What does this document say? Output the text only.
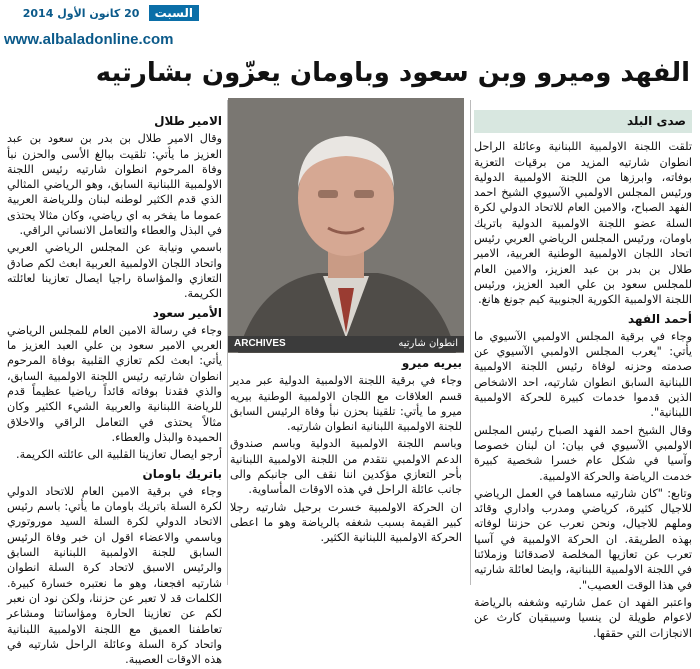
السبت 20 كانون الأول 2014
www.albaladonline.com
الفهد وميرو وبن سعود وباومان يعزّون بشارتيه
صدى البلد

تلقت اللجنة الاولمبية اللبنانية وعائلة الراحل انطوان شارتيه المزيد من برقيات التعزية بوفاته، وابرزها من اللجنة الاولمبية الدولية ورئيس المجلس الاولمبي الآسيوي الشيخ احمد الفهد الصباح، والامين العام للاتحاد الدولي لكرة السلة عضو اللجنة الاولمبية الدولية باتريك باومان، ورئيس المجلس الرياضي العربي رئيس اتحاد اللجان الاولمبية الوطنية العربية، الامير طلال بن بدر بن عبد العزيز، والامين العام للمجلس سعود بن علي العبد العزيز، ورئيس اللجنة الاولمبية الكورية الجنوبية كيم جونغ هانغ.

أحمد الفهد

وجاء في برقية المجلس الاولمبي الآسيوي ما يأتي: "يعرب المجلس الاولمبي الآسيوي عن صدمته وحزنه لوفاة رئيس اللجنة الاولمبية اللبنانية السابق انطوان شارتيه، احد الاشخاص الذين قدموا خدمات كبيرة للحركة الاولمبية اللبنانية".

وقال الشيخ احمد الفهد الصباح رئيس المجلس الاولمبي الآسيوي في بيان: ان لبنان خصوصا وآسيا في شكل عام خسرا شخصية كبيرة خدمت الرياضة والحركة الاولمبية.

وتابع: "كان شارتيه مساهما في العمل الرياضي للاجيال كثيرة، كرياضي ومدرب واداري وقائد وملهم للاجيال، ونحن نعرب عن حزننا لوفاته بهذه الطريقة. ان الحركة الاولمبية في آسيا تعرب عن تعازيها المخلصة لاصدقائنا وزملائنا في اللجنة الاولمبية اللبنانية، وايضا لعائلة شارتيه في هذا الوقت العصيب".

واعتبر الفهد ان عمل شارتيه وشغفه بالرياضة لاعوام طويلة لن ينسيا وسيبقيان كارث عن الانجازات التي حققها.

انطوان شارتيه
ARCHIVES
بيريه ميرو

وجاء في برقية اللجنة الاولمبية الدولية عبر مدير قسم العلاقات مع اللجان الاولمبية الوطنية بيريه ميرو ما يأتي: تلقينا بحزن نبأ وفاة الرئيس السابق للجنة الاولمبية اللبنانية انطوان شارتيه.

وباسم اللجنة الاولمبية الدولية وباسم صندوق الدعم الاولمبي نتقدم من اللجنة الاولمبية اللبنانية بأحر التعازي مؤكدين اننا نقف الى جانبكم والى جانب عائلة الراحل في هذه الاوقات المأساوية.

ان الحركة الاولمبية خسرت برحيل شارتيه رجلا كبير القيمة بسبب شغفه بالرياضة وهو ما اعطى الحركة الاولمبية اللبنانية الكثير.

الامير طلال

وقال الامير طلال بن بدر بن سعود بن عبد العزيز ما يأتي: تلقيت ببالغ الأسى والحزن نبأ وفاة المرحوم انطوان شارتيه رئيس اللجنة الاولمبية اللبنانية السابق، وهو الرياضي المثالي الذي قدم الكثير لوطنه لبنان وللرياضة العربية عموما ما يفخر به اي رياضي، وكان مثالا يحتذى في البذل والعطاء والتعامل الانساني الراقي.

باسمي ونيابة عن المجلس الرياضي العربي واتحاد اللجان الاولمبية العربية ابعث لكم صادق التعازي والمؤاساة راجيا ايصال تعازينا لعائلته الكريمة.

الأمير سعود

وجاء في رسالة الامين العام للمجلس الرياضي العربي الامير سعود بن علي العبد العزيز ما يأتي: ابعث لكم تعازي القلبية بوفاة المرحوم انطوان شارتيه رئيس اللجنة الاولمبية السابق، والذي فقدنا بوفاته قائداً رياضيا عظيماً قدم للرياضة اللبنانية والعربية الشيء الكثير وكان مثالاً يحتذى في التعامل الراقي والاخلاق الحميدة والبذل والعطاء.

أرجو ايصال تعازينا القلبية الى عائلته الكريمة.

باتريك باومان

وجاء في برقية الامين العام للاتحاد الدولي لكرة السلة باتريك باومان ما يأتي: باسم رئيس الاتحاد الدولي لكرة السلة السيد موروتوري وباسمي والاعضاء اقول ان خبر وفاة الرئيس السابق للجنة الاولمبية اللبنانية السابق والرئيس الاسبق لاتحاد كرة السلة انطوان شارتيه افجعنا، وهو ما نعتبره خسارة كبيرة. الكلمات قد لا تعبر عن حزننا، ولكن نود ان نعبر لكم عن تعازينا الحارة ومؤاساتنا ومشاعر تعاطفنا العميق مع اللجنة الاولمبية اللبنانية واتحاد كرة السلة وعائلة الراحل شارتيه في هذه الاوقات العصيبة.
